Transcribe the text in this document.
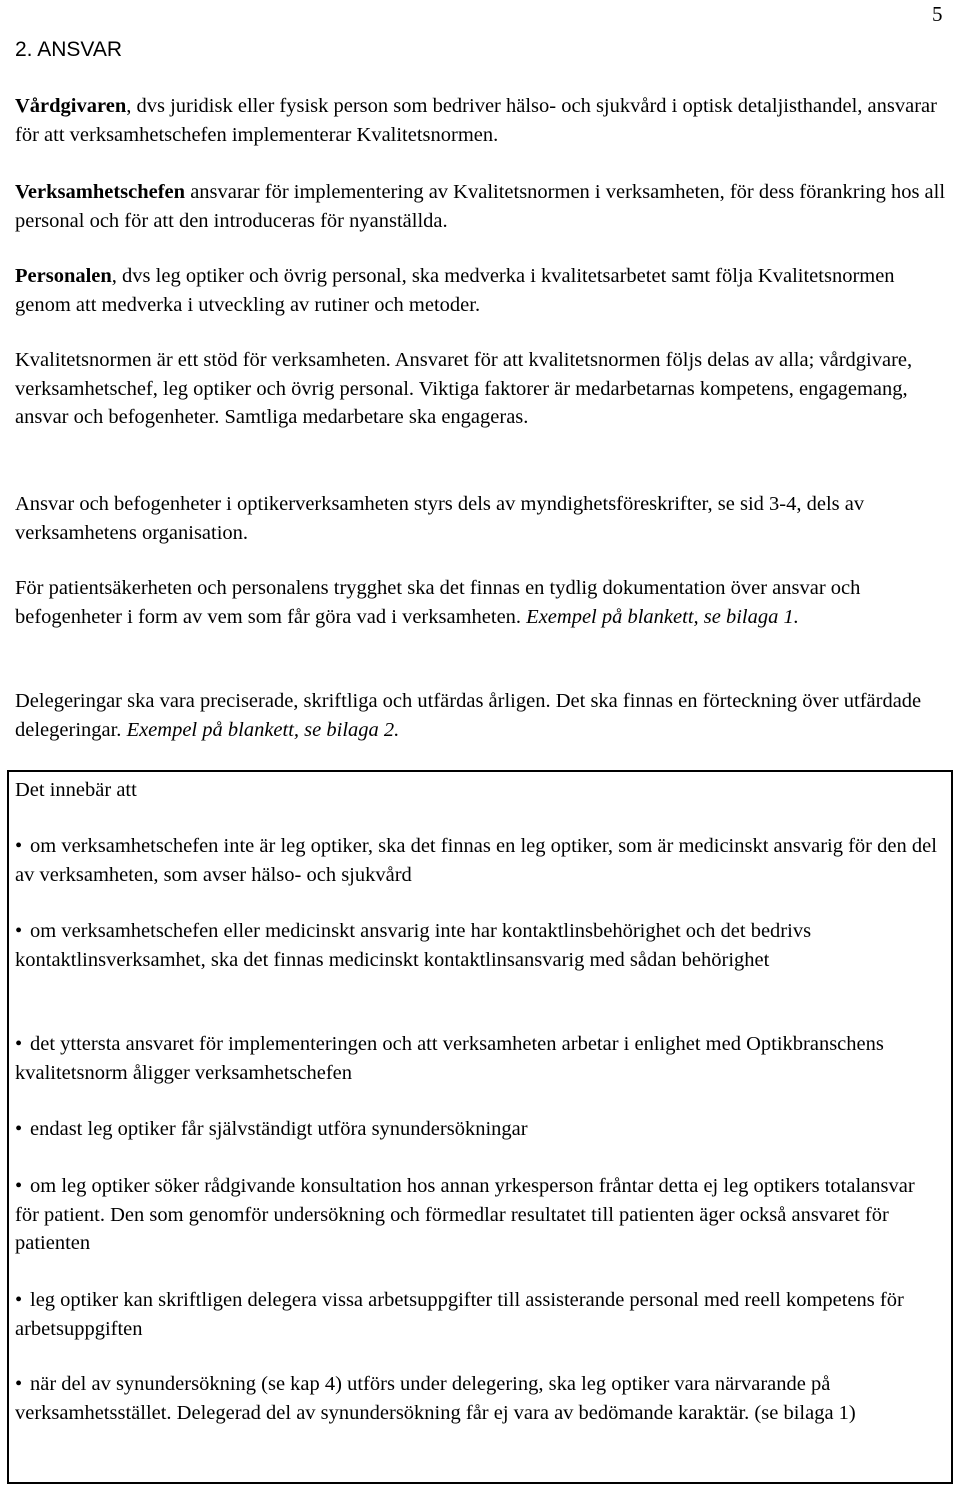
5
2. ANSVAR

Vårdgivaren, dvs juridisk eller fysisk person som bedriver hälso- och sjukvård i optisk detaljisthandel, ansvarar för att verksamhetschefen implementerar Kvalitetsnormen.

Verksamhetschefen ansvarar för implementering av Kvalitetsnormen i verksamheten, för dess förankring hos all personal och för att den introduceras för nyanställda.

Personalen, dvs leg optiker och övrig personal, ska medverka i kvalitetsarbetet samt följa Kvalitetsnormen genom att medverka i utveckling av rutiner och metoder.

Kvalitetsnormen är ett stöd för verksamheten. Ansvaret för att kvalitetsnormen följs delas av alla; vårdgivare, verksamhetschef, leg optiker och övrig personal. Viktiga faktorer är medarbetarnas kompetens, engagemang, ansvar och befogenheter. Samtliga medarbetare ska engageras.

Ansvar och befogenheter i optikerverksamheten styrs dels av myndighetsföreskrifter, se sid 3-4, dels av verksamhetens organisation.

För patientsäkerheten och personalens trygghet ska det finnas en tydlig dokumentation över ansvar och befogenheter i form av vem som får göra vad i verksamheten. Exempel på blankett, se bilaga 1.

Delegeringar ska vara preciserade, skriftliga och utfärdas årligen. Det ska finnas en förteckning över utfärdade delegeringar. Exempel på blankett, se bilaga 2.

Det innebär att

• om verksamhetschefen inte är leg optiker, ska det finnas en leg optiker, som är medicinskt ansvarig för den del av verksamheten, som avser hälso- och sjukvård

• om verksamhetschefen eller medicinskt ansvarig inte har kontaktlinsbehörighet och det bedrivs kontaktlinsverksamhet, ska det finnas medicinskt kontaktlinsansvarig med sådan behörighet

• det yttersta ansvaret för implementeringen och att verksamheten arbetar i enlighet med Optikbranschens kvalitetsnorm åligger verksamhetschefen

• endast leg optiker får självständigt utföra synundersökningar

• om leg optiker söker rådgivande konsultation hos annan yrkesperson fråntar detta ej leg optikers totalansvar för patient. Den som genomför undersökning och förmedlar resultatet till patienten äger också ansvaret för patienten

• leg optiker kan skriftligen delegera vissa arbetsuppgifter till assisterande personal med reell kompetens för arbetsuppgiften

• när del av synundersökning (se kap 4) utförs under delegering, ska leg optiker vara närvarande på verksamhetsstället. Delegerad del av synundersökning får ej vara av bedömande karaktär. (se bilaga 1)
